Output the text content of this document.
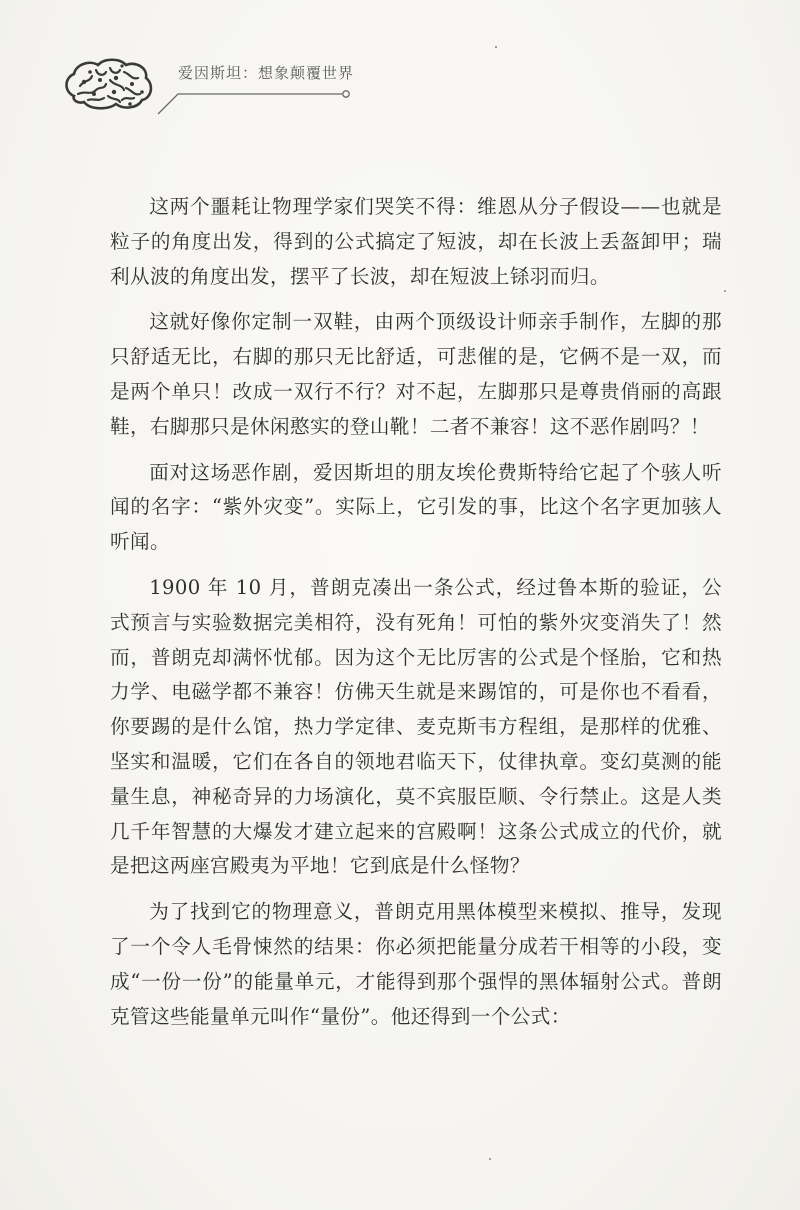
爱因斯坦：想象颠覆世界

这两个噩耗让物理学家们哭笑不得：维恩从分子假设——也就是粒子的角度出发，得到的公式搞定了短波，却在长波上丢盔卸甲；瑞利从波的角度出发，摆平了长波，却在短波上铩羽而归。

这就好像你定制一双鞋，由两个顶级设计师亲手制作，左脚的那只舒适无比，右脚的那只无比舒适，可悲催的是，它俩不是一双，而是两个单只！改成一双行不行？对不起，左脚那只是尊贵俏丽的高跟鞋，右脚那只是休闲憨实的登山靴！二者不兼容！这不恶作剧吗？！

面对这场恶作剧，爱因斯坦的朋友埃伦费斯特给它起了个骇人听闻的名字：“紫外灾变”。实际上，它引发的事，比这个名字更加骇人听闻。

1900 年 10 月，普朗克凑出一条公式，经过鲁本斯的验证，公式预言与实验数据完美相符，没有死角！可怕的紫外灾变消失了！然而，普朗克却满怀忧郁。因为这个无比厉害的公式是个怪胎，它和热力学、电磁学都不兼容！仿佛天生就是来踢馆的，可是你也不看看，你要踢的是什么馆，热力学定律、麦克斯韦方程组，是那样的优雅、坚实和温暖，它们在各自的领地君临天下，仗律执章。变幻莫测的能量生息，神秘奇异的力场演化，莫不宾服臣顺、令行禁止。这是人类几千年智慧的大爆发才建立起来的宫殿啊！这条公式成立的代价，就是把这两座宫殿夷为平地！它到底是什么怪物？

为了找到它的物理意义，普朗克用黑体模型来模拟、推导，发现了一个令人毛骨悚然的结果：你必须把能量分成若干相等的小段，变成“一份一份”的能量单元，才能得到那个强悍的黑体辐射公式。普朗克管这些能量单元叫作“量份”。他还得到一个公式：
